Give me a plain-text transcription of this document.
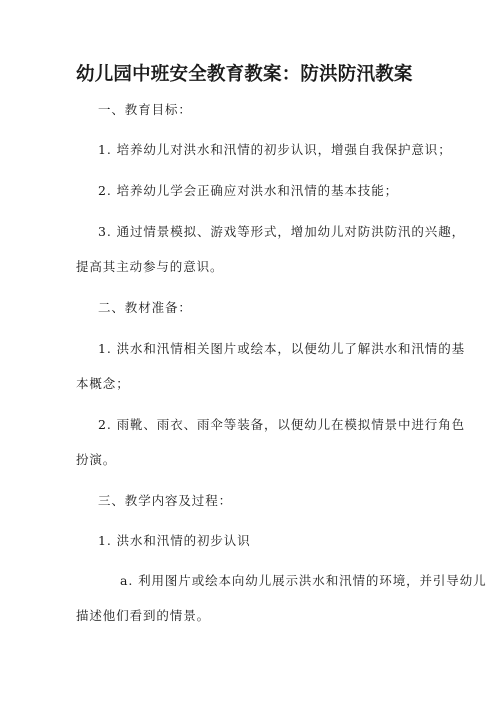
幼儿园中班安全教育教案：防洪防汛教案
一、教育目标：
1. 培养幼儿对洪水和汛情的初步认识，增强自我保护意识；
2. 培养幼儿学会正确应对洪水和汛情的基本技能；
3. 通过情景模拟、游戏等形式，增加幼儿对防洪防汛的兴趣，
提高其主动参与的意识。
二、教材准备：
1. 洪水和汛情相关图片或绘本，以便幼儿了解洪水和汛情的基
本概念；
2. 雨靴、雨衣、雨伞等装备，以便幼儿在模拟情景中进行角色
扮演。
三、教学内容及过程：
1. 洪水和汛情的初步认识
a. 利用图片或绘本向幼儿展示洪水和汛情的环境，并引导幼儿
描述他们看到的情景。
